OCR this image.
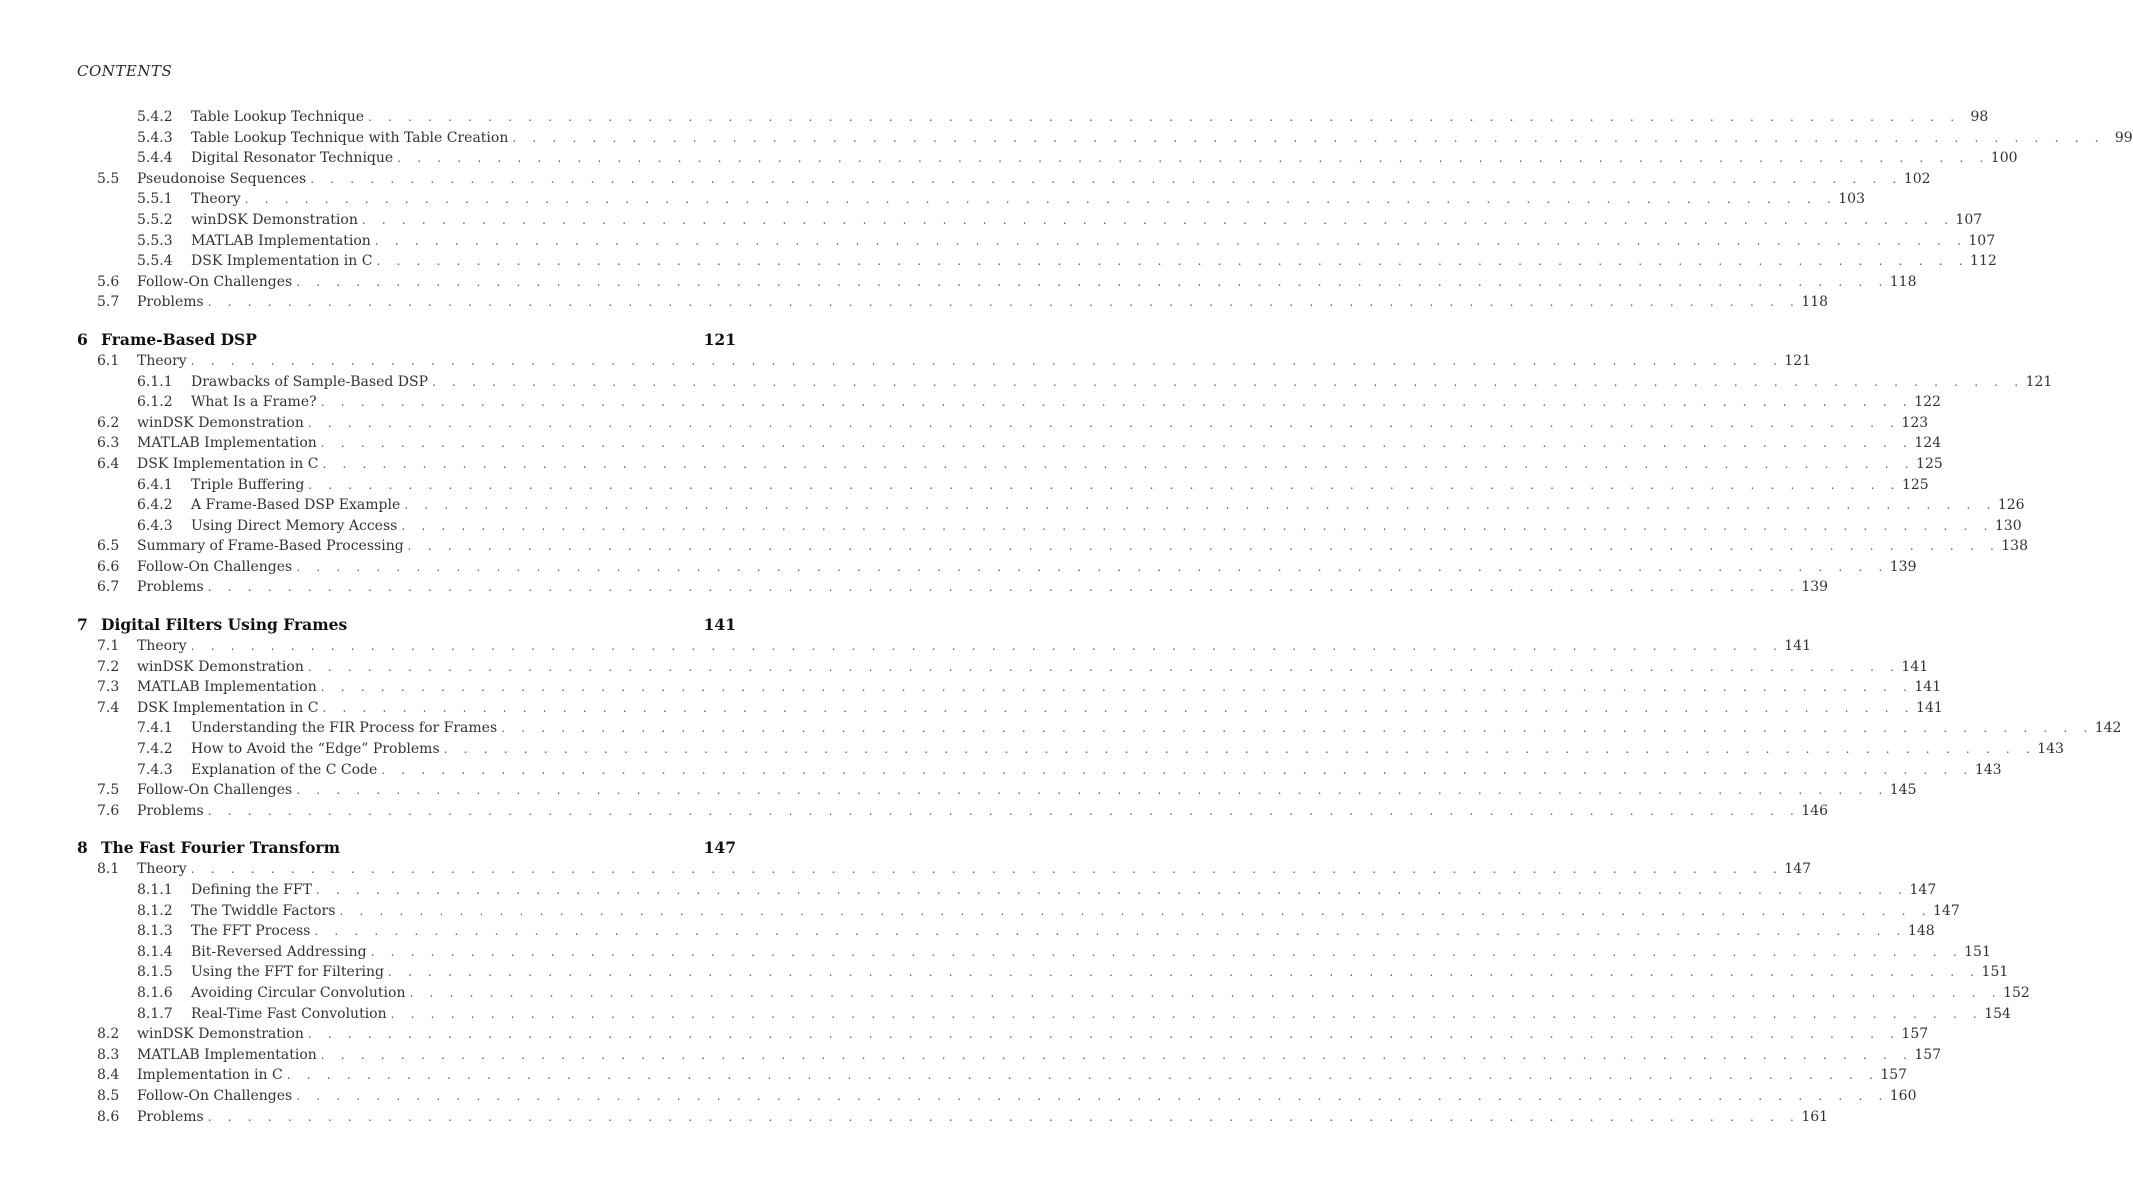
CONTENTS
5.4.2	Table Lookup Technique . . . . . . . . . . . . . . . . . . . . . . . . . . . . . . . . . . . . . . . . . . . . . . . . . . . . . . . . . . . . . . . . . . . . . . . . . . . . . . . . 98
5.4.3	Table Lookup Technique with Table Creation . . . . . . . . . . . . . . . . . . . . . . . . . . . . . . . . . . . . . . . . . . . . . . . . . . . . . . . . . . . . . . . . . . . . . . . . . . . . . . . . 99
5.4.4	Digital Resonator Technique . . . . . . . . . . . . . . . . . . . . . . . . . . . . . . . . . . . . . . . . . . . . . . . . . . . . . . . . . . . . . . . . . . . . . . . . . . . . . . . . 100
5.5	Pseudonoise Sequences . . . . . . . . . . . . . . . . . . . . . . . . . . . . . . . . . . . . . . . . . . . . . . . . . . . . . . . . . . . . . . . . . . . . . . . . . . . . . . . . 102
5.5.1	Theory . . . . . . . . . . . . . . . . . . . . . . . . . . . . . . . . . . . . . . . . . . . . . . . . . . . . . . . . . . . . . . . . . . . . . . . . . . . . . . . . 103
5.5.2	winDSK Demonstration . . . . . . . . . . . . . . . . . . . . . . . . . . . . . . . . . . . . . . . . . . . . . . . . . . . . . . . . . . . . . . . . . . . . . . . . . . . . . . . . 107
5.5.3	MATLAB Implementation . . . . . . . . . . . . . . . . . . . . . . . . . . . . . . . . . . . . . . . . . . . . . . . . . . . . . . . . . . . . . . . . . . . . . . . . . . . . . . . . 107
5.5.4	DSK Implementation in C . . . . . . . . . . . . . . . . . . . . . . . . . . . . . . . . . . . . . . . . . . . . . . . . . . . . . . . . . . . . . . . . . . . . . . . . . . . . . . . . 112
5.6	Follow-On Challenges . . . . . . . . . . . . . . . . . . . . . . . . . . . . . . . . . . . . . . . . . . . . . . . . . . . . . . . . . . . . . . . . . . . . . . . . . . . . . . . . 118
5.7	Problems . . . . . . . . . . . . . . . . . . . . . . . . . . . . . . . . . . . . . . . . . . . . . . . . . . . . . . . . . . . . . . . . . . . . . . . . . . . . . . . . 118
6 Frame-Based DSP	121
6.1	Theory . . . . . . . . . . . . . . . . . . . . . . . . . . . . . . . . . . . . . . . . . . . . . . . . . . . . . . . . . . . . . . . . . . . . . . . . . . . . . . . . 121
6.1.1	Drawbacks of Sample-Based DSP . . . . . . . . . . . . . . . . . . . . . . . . . . . . . . . . . . . . . . . . . . . . . . . . . . . . . . . . . . . . . . . . . . . . . . . . . . . . . . . . 121
6.1.2	What Is a Frame? . . . . . . . . . . . . . . . . . . . . . . . . . . . . . . . . . . . . . . . . . . . . . . . . . . . . . . . . . . . . . . . . . . . . . . . . . . . . . . . . 122
6.2	winDSK Demonstration . . . . . . . . . . . . . . . . . . . . . . . . . . . . . . . . . . . . . . . . . . . . . . . . . . . . . . . . . . . . . . . . . . . . . . . . . . . . . . . . 123
6.3	MATLAB Implementation . . . . . . . . . . . . . . . . . . . . . . . . . . . . . . . . . . . . . . . . . . . . . . . . . . . . . . . . . . . . . . . . . . . . . . . . . . . . . . . . 124
6.4	DSK Implementation in C . . . . . . . . . . . . . . . . . . . . . . . . . . . . . . . . . . . . . . . . . . . . . . . . . . . . . . . . . . . . . . . . . . . . . . . . . . . . . . . . 125
6.4.1	Triple Buffering . . . . . . . . . . . . . . . . . . . . . . . . . . . . . . . . . . . . . . . . . . . . . . . . . . . . . . . . . . . . . . . . . . . . . . . . . . . . . . . . 125
6.4.2	A Frame-Based DSP Example . . . . . . . . . . . . . . . . . . . . . . . . . . . . . . . . . . . . . . . . . . . . . . . . . . . . . . . . . . . . . . . . . . . . . . . . . . . . . . . . 126
6.4.3	Using Direct Memory Access . . . . . . . . . . . . . . . . . . . . . . . . . . . . . . . . . . . . . . . . . . . . . . . . . . . . . . . . . . . . . . . . . . . . . . . . . . . . . . . . 130
6.5	Summary of Frame-Based Processing . . . . . . . . . . . . . . . . . . . . . . . . . . . . . . . . . . . . . . . . . . . . . . . . . . . . . . . . . . . . . . . . . . . . . . . . . . . . . . . . 138
6.6	Follow-On Challenges . . . . . . . . . . . . . . . . . . . . . . . . . . . . . . . . . . . . . . . . . . . . . . . . . . . . . . . . . . . . . . . . . . . . . . . . . . . . . . . . 139
6.7	Problems . . . . . . . . . . . . . . . . . . . . . . . . . . . . . . . . . . . . . . . . . . . . . . . . . . . . . . . . . . . . . . . . . . . . . . . . . . . . . . . . 139
7 Digital Filters Using Frames	141
7.1	Theory . . . . . . . . . . . . . . . . . . . . . . . . . . . . . . . . . . . . . . . . . . . . . . . . . . . . . . . . . . . . . . . . . . . . . . . . . . . . . . . . 141
7.2	winDSK Demonstration . . . . . . . . . . . . . . . . . . . . . . . . . . . . . . . . . . . . . . . . . . . . . . . . . . . . . . . . . . . . . . . . . . . . . . . . . . . . . . . . 141
7.3	MATLAB Implementation . . . . . . . . . . . . . . . . . . . . . . . . . . . . . . . . . . . . . . . . . . . . . . . . . . . . . . . . . . . . . . . . . . . . . . . . . . . . . . . . 141
7.4	DSK Implementation in C . . . . . . . . . . . . . . . . . . . . . . . . . . . . . . . . . . . . . . . . . . . . . . . . . . . . . . . . . . . . . . . . . . . . . . . . . . . . . . . . 141
7.4.1	Understanding the FIR Process for Frames . . . . . . . . . . . . . . . . . . . . . . . . . . . . . . . . . . . . . . . . . . . . . . . . . . . . . . . . . . . . . . . . . . . . . . . . . . . . . . . . 142
7.4.2	How to Avoid the “Edge” Problems . . . . . . . . . . . . . . . . . . . . . . . . . . . . . . . . . . . . . . . . . . . . . . . . . . . . . . . . . . . . . . . . . . . . . . . . . . . . . . . . 143
7.4.3	Explanation of the C Code . . . . . . . . . . . . . . . . . . . . . . . . . . . . . . . . . . . . . . . . . . . . . . . . . . . . . . . . . . . . . . . . . . . . . . . . . . . . . . . . 143
7.5	Follow-On Challenges . . . . . . . . . . . . . . . . . . . . . . . . . . . . . . . . . . . . . . . . . . . . . . . . . . . . . . . . . . . . . . . . . . . . . . . . . . . . . . . . 145
7.6	Problems . . . . . . . . . . . . . . . . . . . . . . . . . . . . . . . . . . . . . . . . . . . . . . . . . . . . . . . . . . . . . . . . . . . . . . . . . . . . . . . . 146
8 The Fast Fourier Transform	147
8.1	Theory . . . . . . . . . . . . . . . . . . . . . . . . . . . . . . . . . . . . . . . . . . . . . . . . . . . . . . . . . . . . . . . . . . . . . . . . . . . . . . . . 147
8.1.1	Defining the FFT . . . . . . . . . . . . . . . . . . . . . . . . . . . . . . . . . . . . . . . . . . . . . . . . . . . . . . . . . . . . . . . . . . . . . . . . . . . . . . . . 147
8.1.2	The Twiddle Factors . . . . . . . . . . . . . . . . . . . . . . . . . . . . . . . . . . . . . . . . . . . . . . . . . . . . . . . . . . . . . . . . . . . . . . . . . . . . . . . . 147
8.1.3	The FFT Process . . . . . . . . . . . . . . . . . . . . . . . . . . . . . . . . . . . . . . . . . . . . . . . . . . . . . . . . . . . . . . . . . . . . . . . . . . . . . . . . 148
8.1.4	Bit-Reversed Addressing . . . . . . . . . . . . . . . . . . . . . . . . . . . . . . . . . . . . . . . . . . . . . . . . . . . . . . . . . . . . . . . . . . . . . . . . . . . . . . . . 151
8.1.5	Using the FFT for Filtering . . . . . . . . . . . . . . . . . . . . . . . . . . . . . . . . . . . . . . . . . . . . . . . . . . . . . . . . . . . . . . . . . . . . . . . . . . . . . . . . 151
8.1.6	Avoiding Circular Convolution . . . . . . . . . . . . . . . . . . . . . . . . . . . . . . . . . . . . . . . . . . . . . . . . . . . . . . . . . . . . . . . . . . . . . . . . . . . . . . . . 152
8.1.7	Real-Time Fast Convolution . . . . . . . . . . . . . . . . . . . . . . . . . . . . . . . . . . . . . . . . . . . . . . . . . . . . . . . . . . . . . . . . . . . . . . . . . . . . . . . . 154
8.2	winDSK Demonstration . . . . . . . . . . . . . . . . . . . . . . . . . . . . . . . . . . . . . . . . . . . . . . . . . . . . . . . . . . . . . . . . . . . . . . . . . . . . . . . . 157
8.3	MATLAB Implementation . . . . . . . . . . . . . . . . . . . . . . . . . . . . . . . . . . . . . . . . . . . . . . . . . . . . . . . . . . . . . . . . . . . . . . . . . . . . . . . . 157
8.4	Implementation in C . . . . . . . . . . . . . . . . . . . . . . . . . . . . . . . . . . . . . . . . . . . . . . . . . . . . . . . . . . . . . . . . . . . . . . . . . . . . . . . . 157
8.5	Follow-On Challenges . . . . . . . . . . . . . . . . . . . . . . . . . . . . . . . . . . . . . . . . . . . . . . . . . . . . . . . . . . . . . . . . . . . . . . . . . . . . . . . . 160
8.6	Problems . . . . . . . . . . . . . . . . . . . . . . . . . . . . . . . . . . . . . . . . . . . . . . . . . . . . . . . . . . . . . . . . . . . . . . . . . . . . . . . . 161
